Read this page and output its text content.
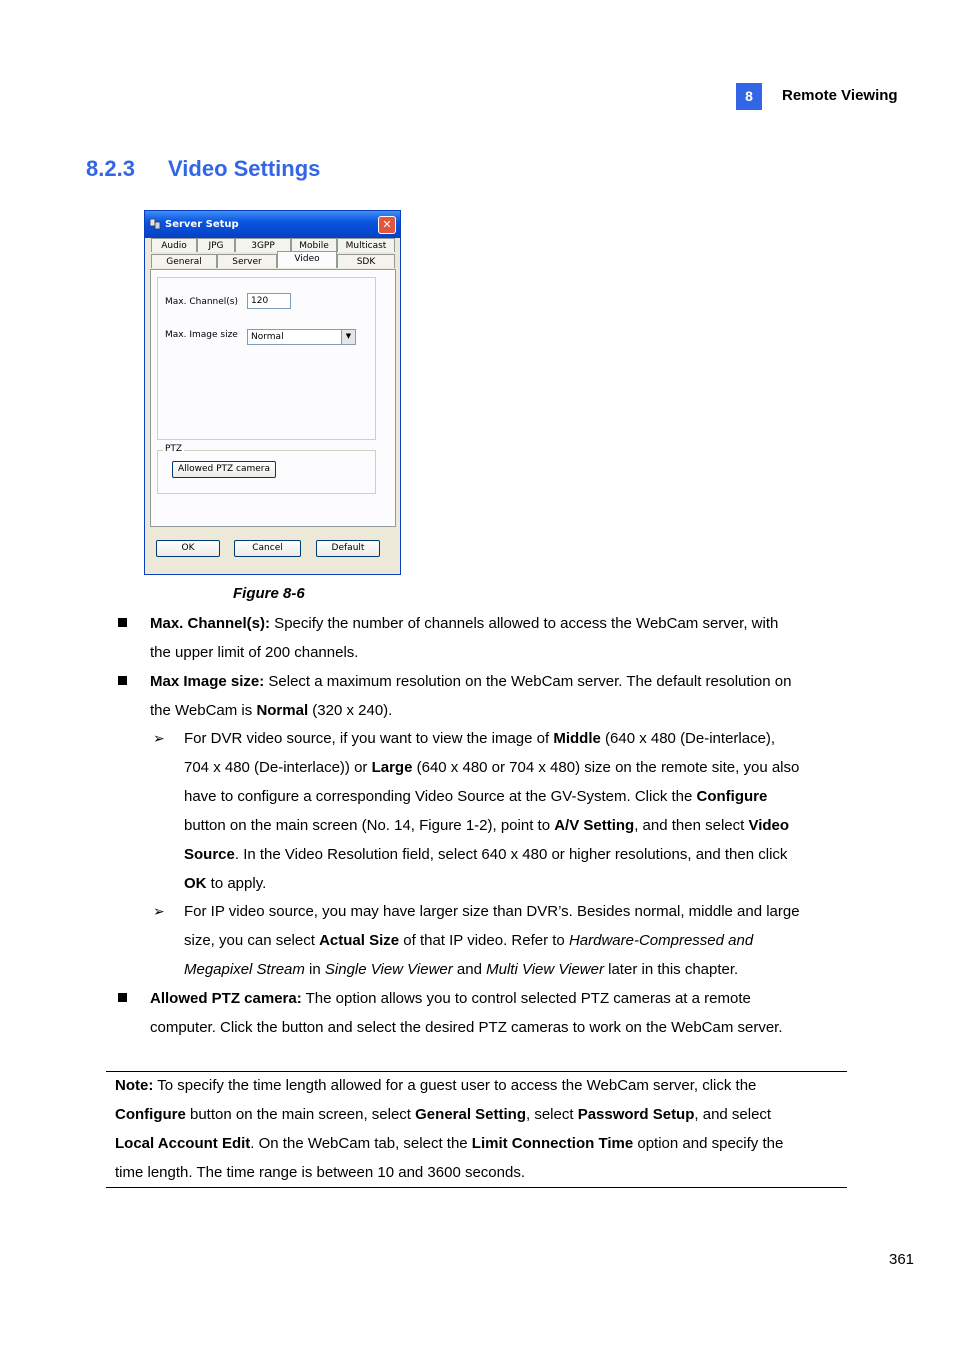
8	Remote Viewing
8.2.3 Video Settings
Server Setup	✕
Audio	JPG	3GPP	Mobile	Multicast
General	Server	Video	SDK
Max. Channel(s)	120
Max. Image size	Normal	▼
PTZ
Allowed PTZ camera
OK	Cancel	Default
Figure 8-6
Max. Channel(s): Specify the number of channels allowed to access the WebCam server, with
the upper limit of 200 channels.
Max Image size: Select a maximum resolution on the WebCam server. The default resolution on
the WebCam is Normal (320 x 240).
➢ For DVR video source, if you want to view the image of Middle (640 x 480 (De-interlace),
704 x 480 (De-interlace)) or Large (640 x 480 or 704 x 480) size on the remote site, you also
have to configure a corresponding Video Source at the GV-System. Click the Configure
button on the main screen (No. 14, Figure 1-2), point to A/V Setting, and then select Video
Source. In the Video Resolution field, select 640 x 480 or higher resolutions, and then click
OK to apply.
➢ For IP video source, you may have larger size than DVR’s. Besides normal, middle and large
size, you can select Actual Size of that IP video. Refer to Hardware-Compressed and
Megapixel Stream in Single View Viewer and Multi View Viewer later in this chapter.
Allowed PTZ camera: The option allows you to control selected PTZ cameras at a remote
computer. Click the button and select the desired PTZ cameras to work on the WebCam server.
Note: To specify the time length allowed for a guest user to access the WebCam server, click the
Configure button on the main screen, select General Setting, select Password Setup, and select
Local Account Edit. On the WebCam tab, select the Limit Connection Time option and specify the
time length. The time range is between 10 and 3600 seconds.
361
